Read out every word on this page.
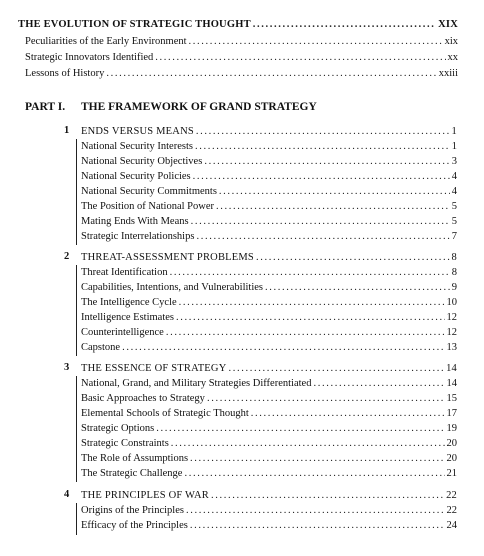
THE EVOLUTION OF STRATEGIC THOUGHT . . .	XIX
Peculiarities of the Early Environment . . .	xix
Strategic Innovators Identified . . .	xx
Lessons of History . . .	xxiii
PART I. THE FRAMEWORK OF GRAND STRATEGY
1 ENDS VERSUS MEANS . . .	1
National Security Interests . . .	1
National Security Objectives . . .	3
National Security Policies . . .	4
National Security Commitments . . .	4
The Position of National Power . . .	5
Mating Ends With Means . . .	5
Strategic Interrelationships . . .	7
2 THREAT-ASSESSMENT PROBLEMS . . .	8
Threat Identification . . .	8
Capabilities, Intentions, and Vulnerabilities . . .	9
The Intelligence Cycle . . .	10
Intelligence Estimates . . .	12
Counterintelligence . . .	12
Capstone . . .	13
3 THE ESSENCE OF STRATEGY . . .	14
National, Grand, and Military Strategies Differentiated . . .	14
Basic Approaches to Strategy . . .	15
Elemental Schools of Strategic Thought . . .	17
Strategic Options . . .	19
Strategic Constraints . . .	20
The Role of Assumptions . . .	20
The Strategic Challenge . . .	21
4 THE PRINCIPLES OF WAR . . .	22
Origins of the Principles . . .	22
Efficacy of the Principles . . .	24
